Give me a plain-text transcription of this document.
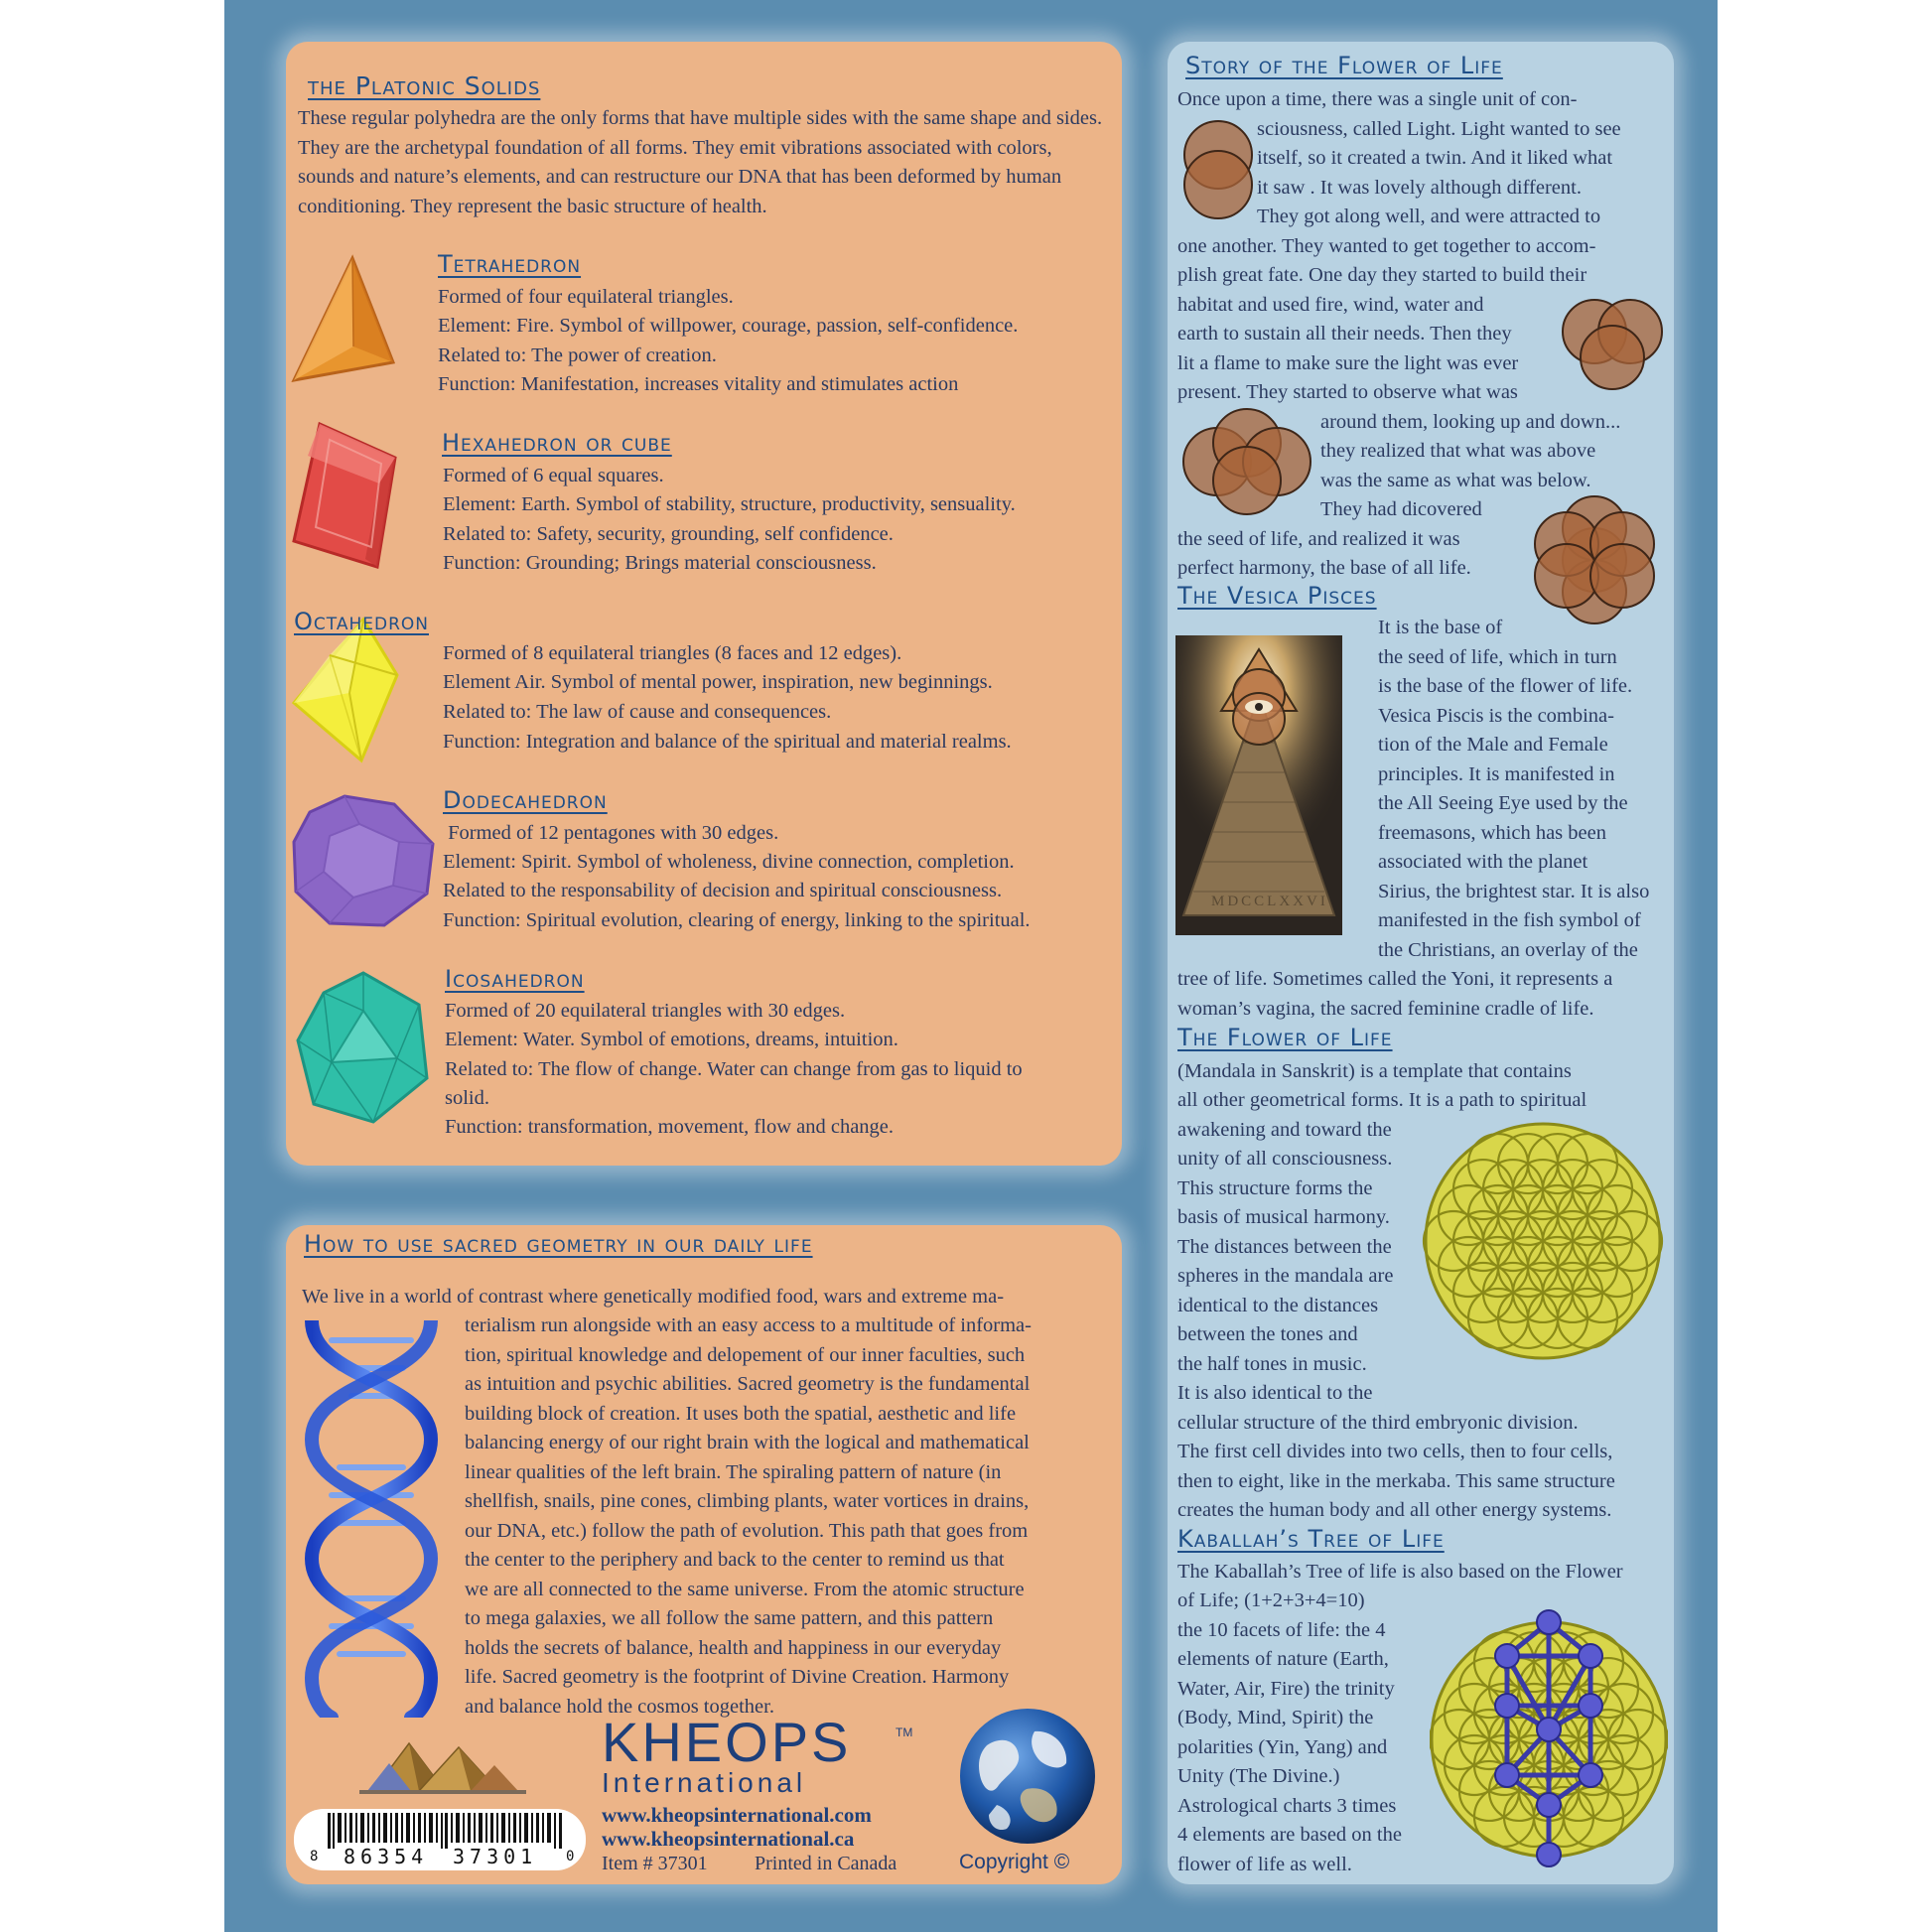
the Platonic Solids
These regular polyhedra are the only forms that have multiple sides with the same shape and sides. They are the archetypal foundation of all forms. They emit vibrations associated with colors, sounds and nature’s elements, and can restructure our DNA that has been deformed by human conditioning. They represent the basic structure of health.
Tetrahedron
Formed of four equilateral triangles.
Element: Fire. Symbol of willpower, courage, passion, self-confidence.
Related to: The power of creation.
Function: Manifestation, increases vitality and stimulates action
Hexahedron or cube
Formed of 6 equal squares.
Element: Earth. Symbol of stability, structure, productivity, sensuality.
Related to: Safety, security, grounding, self confidence.
Function: Grounding; Brings material consciousness.
Octahedron
Formed of 8 equilateral triangles (8 faces and 12 edges).
Element Air. Symbol of mental power, inspiration, new beginnings.
Related to: The law of cause and consequences.
Function: Integration and balance of the spiritual and material realms.
Dodecahedron
Formed of 12 pentagones with 30 edges.
Element: Spirit. Symbol of wholeness, divine connection, completion.
Related to the responsability of decision and spiritual consciousness.
Function: Spiritual evolution, clearing of energy, linking to the spiritual.
Icosahedron
Formed of 20 equilateral triangles with 30 edges.
Element: Water. Symbol of emotions, dreams, intuition.
Related to: The flow of change. Water can change from gas to liquid to
solid.
Function: transformation, movement, flow and change.
How to use sacred geometry in our daily life
We live in a world of contrast where genetically modified food, wars and extreme ma-
terialism run alongside with an easy access to a multitude of informa-
tion, spiritual knowledge and delopement of our inner faculties, such
as intuition and psychic abilities. Sacred geometry is the fundamental
building block of creation. It uses both the spatial, aesthetic and life
balancing energy of our right brain with the logical and mathematical
linear qualities of the left brain. The spiraling pattern of nature (in
shellfish, snails, pine cones, climbing plants, water vortices in drains,
our DNA, etc.) follow the path of evolution. This path that goes from
the center to the periphery and back to the center to remind us that
we are all connected to the same universe. From the atomic structure
to mega galaxies, we all follow the same pattern, and this pattern
holds the secrets of balance, health and happiness in our everyday
life. Sacred geometry is the footprint of Divine Creation. Harmony
and balance hold the cosmos together.
8 86354 37301 0
KHEOPS	TM
International
www.kheopsinternational.com
www.kheopsinternational.ca
Item # 37301 Printed in Canada	Copyright ©
Story of the Flower of Life
Once upon a time, there was a single unit of con-
sciousness, called Light. Light wanted to see
itself, so it created a twin. And it liked what
it saw . It was lovely although different.
They got along well, and were attracted to
one another. They wanted to get together to accom-
plish great fate. One day they started to build their
habitat and used fire, wind, water and
earth to sustain all their needs. Then they
lit a flame to make sure the light was ever
present. They started to observe what was
around them, looking up and down...
they realized that what was above
was the same as what was below.
They had dicovered
the seed of life, and realized it was
perfect harmony, the base of all life.
The Vesica Pisces
MDCCLXXVI
It is the base of
the seed of life, which in turn
is the base of the flower of life.
Vesica Piscis is the combina-
tion of the Male and Female
principles. It is manifested in
the All Seeing Eye used by the
freemasons, which has been
associated with the planet
Sirius, the brightest star. It is also
manifested in the fish symbol of
the Christians, an overlay of the
tree of life. Sometimes called the Yoni, it represents a
woman’s vagina, the sacred feminine cradle of life.
The Flower of Life
(Mandala in Sanskrit) is a template that contains
all other geometrical forms. It is a path to spiritual
awakening and toward the
unity of all consciousness.
This structure forms the
basis of musical harmony.
The distances between the
spheres in the mandala are
identical to the distances
between the tones and
the half tones in music.
It is also identical to the
cellular structure of the third embryonic division.
The first cell divides into two cells, then to four cells,
then to eight, like in the merkaba. This same structure
creates the human body and all other energy systems.
Kaballah’s Tree of Life
The Kaballah’s Tree of life is also based on the Flower
of Life; (1+2+3+4=10)
the 10 facets of life: the 4
elements of nature (Earth,
Water, Air, Fire) the trinity
(Body, Mind, Spirit) the
polarities (Yin, Yang) and
Unity (The Divine.)
Astrological charts 3 times
4 elements are based on the
flower of life as well.
